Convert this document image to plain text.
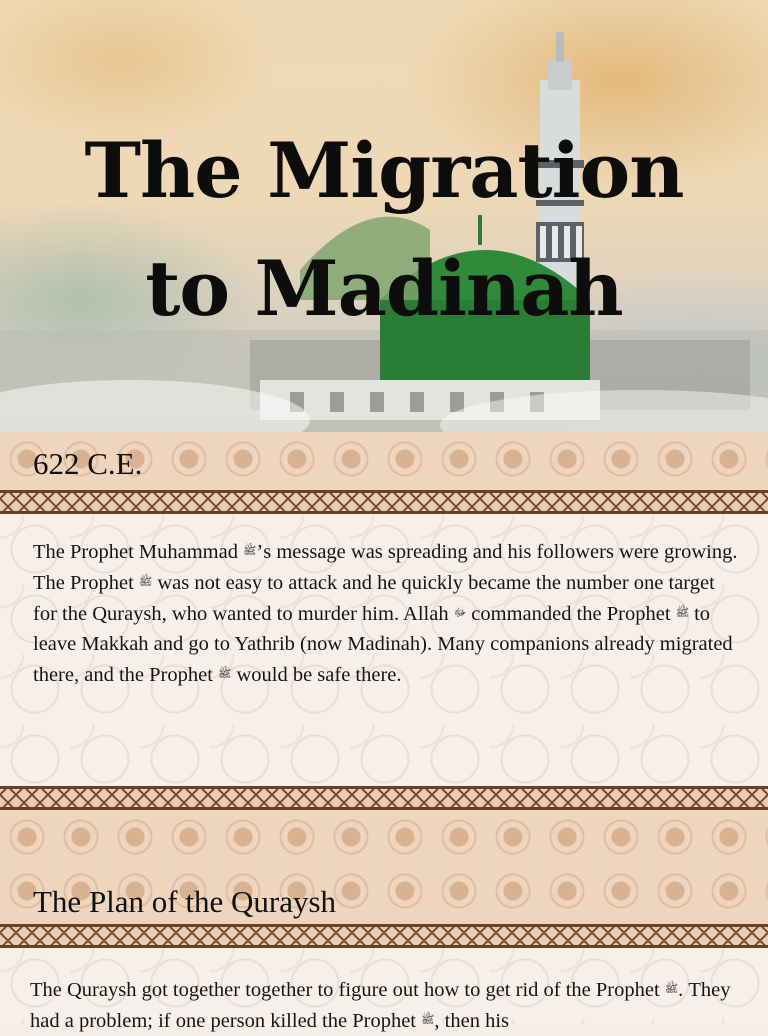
The Migration
to Madinah
622 C.E.

The Prophet Muhammad ﷺ’s message was spreading and his followers were growing. The Prophet ﷺ was not easy to attack and he quickly became the number one target for the Quraysh, who wanted to murder him. Allah ﷻ commanded the Prophet ﷺ to leave Makkah and go to Yathrib (now Madinah). Many companions already migrated there, and the Prophet ﷺ would be safe there.

The Plan of the Quraysh

The Quraysh got together together to figure out how to get rid of the Prophet ﷺ. They had a problem; if one person killed the Prophet ﷺ, then his
